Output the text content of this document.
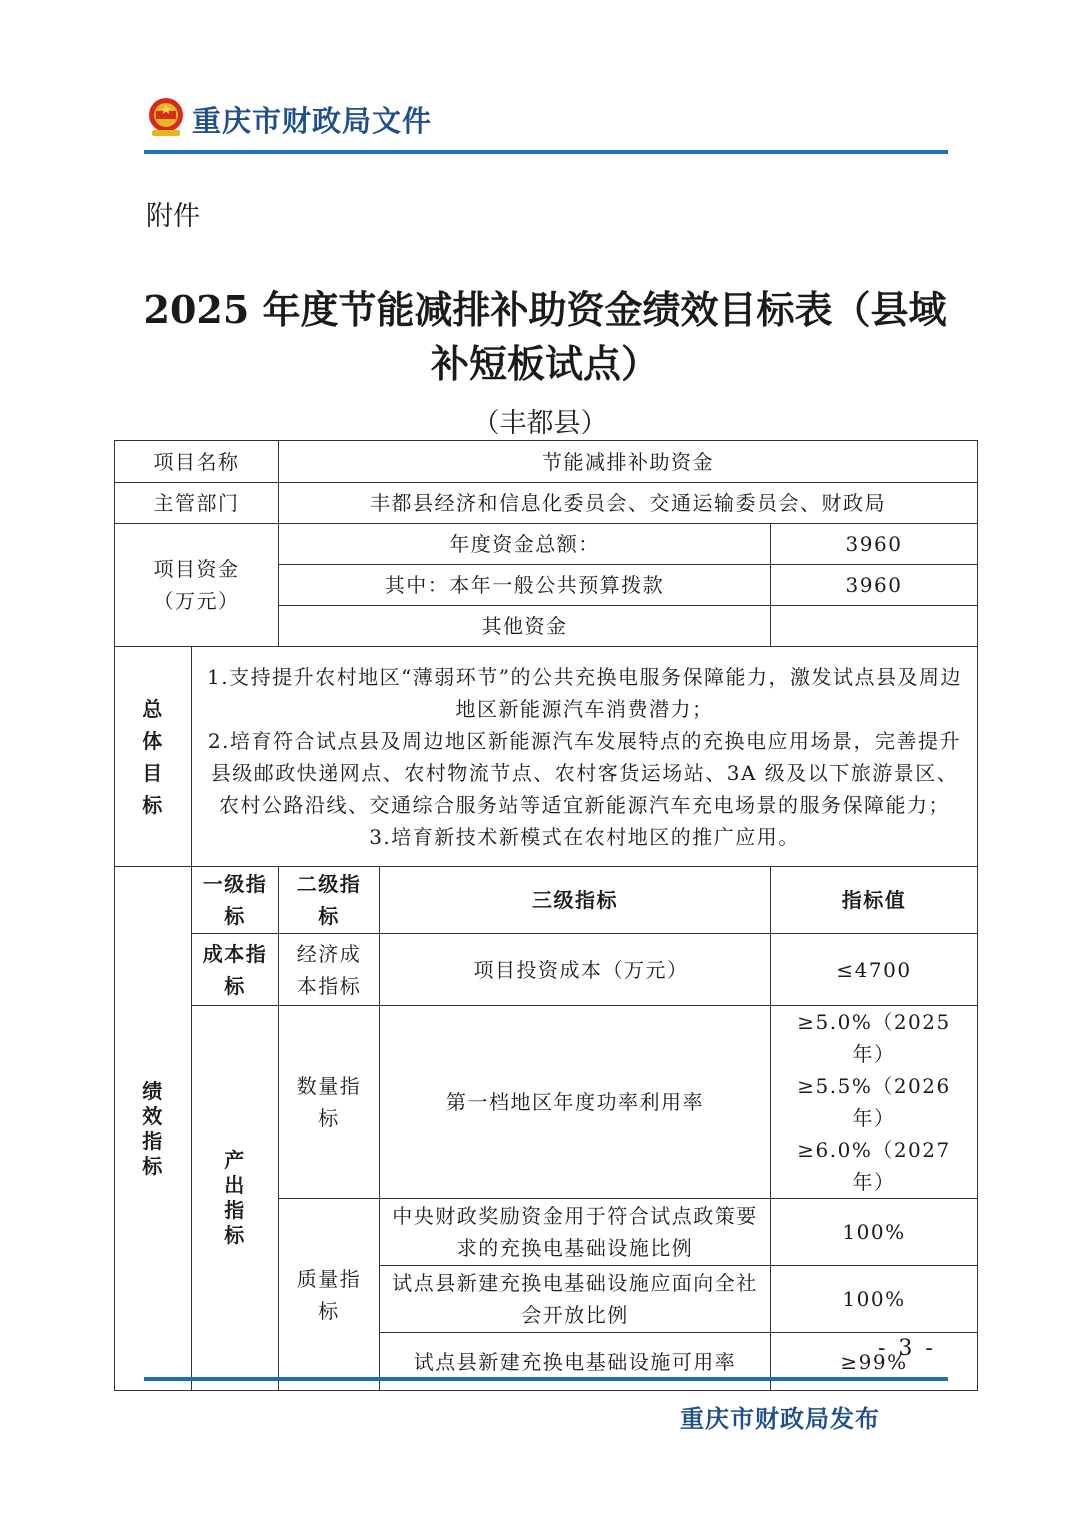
重庆市财政局文件
附件
2025 年度节能减排补助资金绩效目标表（县域补短板试点）
（丰都县）
项目名称		节能减排补助资金		
主管部门		丰都县经济和信息化委员会、交通运输委员会、财政局		

项目资金
（万元）		年度资金总额：		3960
		其中：本年一般公共预算拨款		3960
		其他资金		

总体目标	1.支持提升农村地区“薄弱环节”的公共充换电服务保障能力，激发试点县及周边地区新能源汽车消费潜力；
2.培育符合试点县及周边地区新能源汽车发展特点的充换电应用场景，完善提升县级邮政快递网点、农村物流节点、农村客货运场站、3A 级及以下旅游景区、农村公路沿线、交通综合服务站等适宜新能源汽车充电场景的服务保障能力；
3.培育新技术新模式在农村地区的推广应用。			

绩效指标	一级指标	二级指标	三级指标	指标值
	成本指标	经济成本指标	项目投资成本（万元）	≤4700

	产出指标	数量指标	第一档地区年度功率利用率	≥5.0%（2025 年）
≥5.5%（2026 年）
≥6.0%（2027 年）

		质量指标	中央财政奖励资金用于符合试点政策要求的充换电基础设施比例	100%
			试点县新建充换电基础设施应面向全社会开放比例	100%
			试点县新建充换电基础设施可用率	≥99%
- 3 -
重庆市财政局发布
